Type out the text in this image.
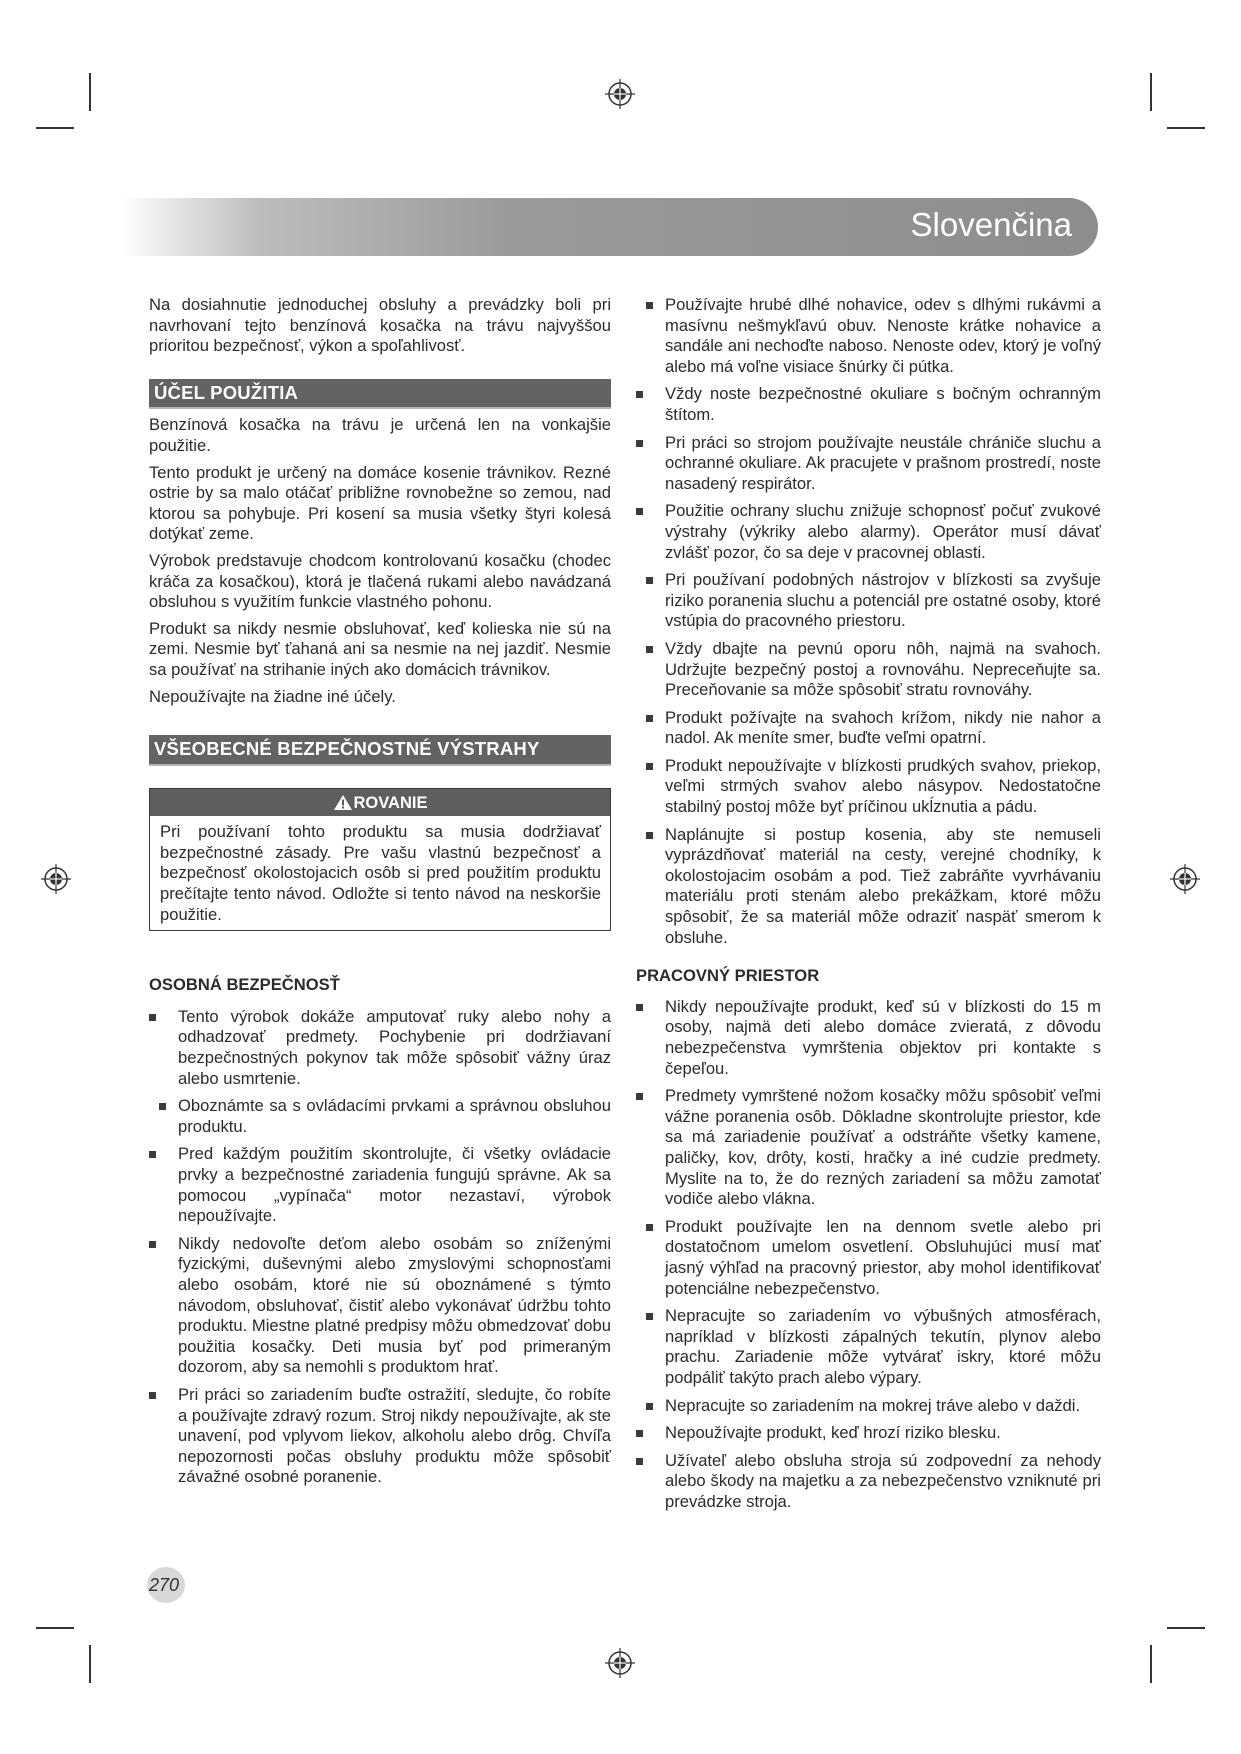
Slovenčina

Na dosiahnutie jednoduchej obsluhy a prevádzky boli pri navrhovaní tejto benzínová kosačka na trávu najvyššou prioritou bezpečnosť, výkon a spoľahlivosť.

ÚČEL POUŽITIA

Benzínová kosačka na trávu je určená len na vonkajšie použitie.

Tento produkt je určený na domáce kosenie trávnikov. Rezné ostrie by sa malo otáčať približne rovnobežne so zemou, nad ktorou sa pohybuje. Pri kosení sa musia všetky štyri kolesá dotýkať zeme.

Výrobok predstavuje chodcom kontrolovanú kosačku (chodec kráča za kosačkou), ktorá je tlačená rukami alebo navádzaná obsluhou s využitím funkcie vlastného pohonu.

Produkt sa nikdy nesmie obsluhovať, keď kolieska nie sú na zemi. Nesmie byť ťahaná ani sa nesmie na nej jazdiť. Nesmie sa používať na strihanie iných ako domácich trávnikov.

Nepoužívajte na žiadne iné účely.

VŠEOBECNÉ BEZPEČNOSTNÉ VÝSTRAHY
ROVANIE
Pri používaní tohto produktu sa musia dodržiavať bezpečnostné zásady. Pre vašu vlastnú bezpečnosť a bezpečnosť okolostojacich osôb si pred použitím produktu prečítajte tento návod. Odložte si tento návod na neskoršie použitie.
OSOBNÁ BEZPEČNOSŤ
Tento výrobok dokáže amputovať ruky alebo nohy a odhadzovať predmety. Pochybenie pri dodržiavaní bezpečnostných pokynov tak môže spôsobiť vážny úraz alebo usmrtenie.
Oboznámte sa s ovládacími prvkami a správnou obsluhou produktu.
Pred každým použitím skontrolujte, či všetky ovládacie prvky a bezpečnostné zariadenia fungujú správne. Ak sa pomocou „vypínača“ motor nezastaví, výrobok nepoužívajte.
Nikdy nedovoľte deťom alebo osobám so zníženými fyzickými, duševnými alebo zmyslovými schopnosťami alebo osobám, ktoré nie sú oboznámené s týmto návodom, obsluhovať, čistiť alebo vykonávať údržbu tohto produktu. Miestne platné predpisy môžu obmedzovať dobu použitia kosačky. Deti musia byť pod primeraným dozorom, aby sa nemohli s produktom hrať.
Pri práci so zariadením buďte ostražití, sledujte, čo robíte a používajte zdravý rozum. Stroj nikdy nepoužívajte, ak ste unavení, pod vplyvom liekov, alkoholu alebo drôg. Chvíľa nepozornosti počas obsluhy produktu môže spôsobiť závažné osobné poranenie.
Používajte hrubé dlhé nohavice, odev s dlhými rukávmi a masívnu nešmykľavú obuv. Nenoste krátke nohavice a sandále ani nechoďte naboso. Nenoste odev, ktorý je voľný alebo má voľne visiace šnúrky či pútka.
Vždy noste bezpečnostné okuliare s bočným ochranným štítom.
Pri práci so strojom používajte neustále chrániče sluchu a ochranné okuliare. Ak pracujete v prašnom prostredí, noste nasadený respirátor.
Použitie ochrany sluchu znižuje schopnosť počuť zvukové výstrahy (výkriky alebo alarmy). Operátor musí dávať zvlášť pozor, čo sa deje v pracovnej oblasti.
Pri používaní podobných nástrojov v blízkosti sa zvyšuje riziko poranenia sluchu a potenciál pre ostatné osoby, ktoré vstúpia do pracovného priestoru.
Vždy dbajte na pevnú oporu nôh, najmä na svahoch. Udržujte bezpečný postoj a rovnováhu. Nepreceňujte sa. Preceňovanie sa môže spôsobiť stratu rovnováhy.
Produkt požívajte na svahoch krížom, nikdy nie nahor a nadol. Ak meníte smer, buďte veľmi opatrní.
Produkt nepoužívajte v blízkosti prudkých svahov, priekop, veľmi strmých svahov alebo násypov. Nedostatočne stabilný postoj môže byť príčinou ukĺznutia a pádu.
Naplánujte si postup kosenia, aby ste nemuseli vyprázdňovať materiál na cesty, verejné chodníky, k okolostojacim osobám a pod. Tiež zabráňte vyvrhávaniu materiálu proti stenám alebo prekážkam, ktoré môžu spôsobiť, že sa materiál môže odraziť naspäť smerom k obsluhe.
PRACOVNÝ PRIESTOR
Nikdy nepoužívajte produkt, keď sú v blízkosti do 15 m osoby, najmä deti alebo domáce zvieratá, z dôvodu nebezpečenstva vymrštenia objektov pri kontakte s čepeľou.
Predmety vymrštené nožom kosačky môžu spôsobiť veľmi vážne poranenia osôb. Dôkladne skontrolujte priestor, kde sa má zariadenie používať a odstráňte všetky kamene, paličky, kov, drôty, kosti, hračky a iné cudzie predmety. Myslite na to, že do rezných zariadení sa môžu zamotať vodiče alebo vlákna.
Produkt používajte len na dennom svetle alebo pri dostatočnom umelom osvetlení. Obsluhujúci musí mať jasný výhľad na pracovný priestor, aby mohol identifikovať potenciálne nebezpečenstvo.
Nepracujte so zariadením vo výbušných atmosférach, napríklad v blízkosti zápalných tekutín, plynov alebo prachu. Zariadenie môže vytvárať iskry, ktoré môžu podpáliť takýto prach alebo výpary.
Nepracujte so zariadením na mokrej tráve alebo v daždi.
Nepoužívajte produkt, keď hrozí riziko blesku.
Užívateľ alebo obsluha stroja sú zodpovední za nehody alebo škody na majetku a za nebezpečenstvo vzniknuté pri prevádzke stroja.
270
